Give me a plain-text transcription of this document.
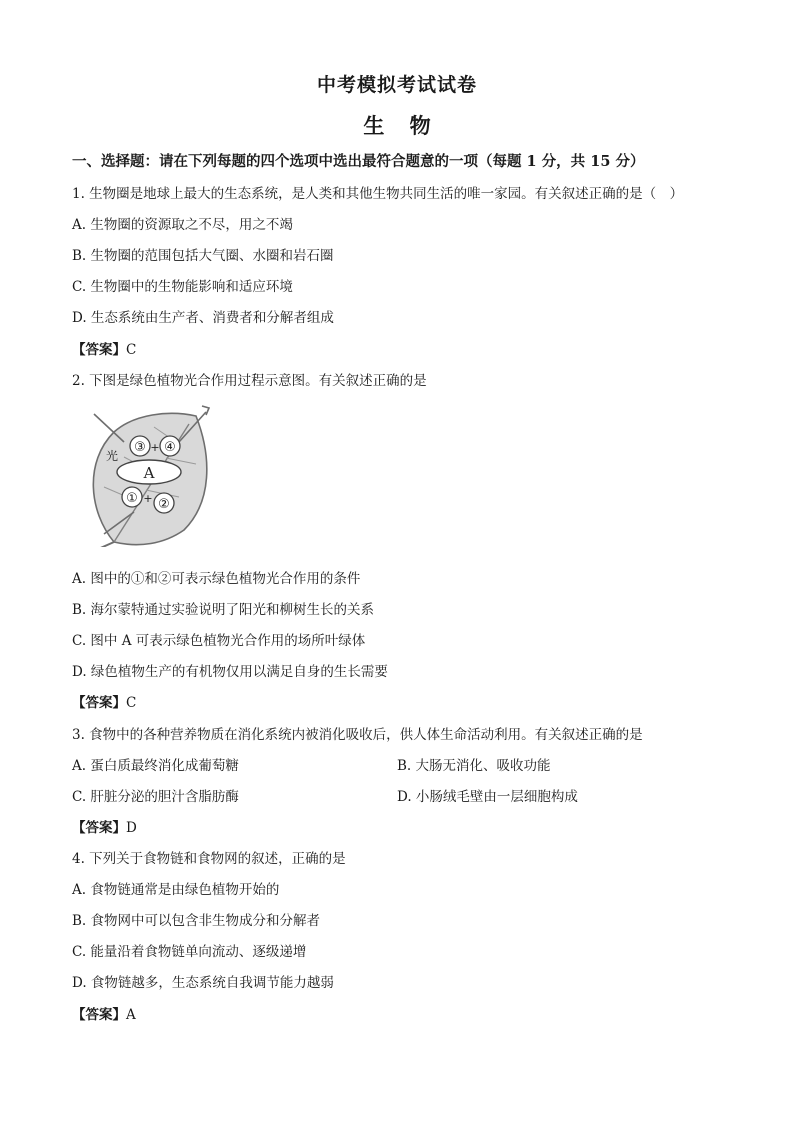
中考模拟考试试卷
生 物
一、选择题：请在下列每题的四个选项中选出最符合题意的一项（每题 1 分，共 15 分）
1. 生物圈是地球上最大的生态系统，是人类和其他生物共同生活的唯一家园。有关叙述正确的是（　）
A. 生物圈的资源取之不尽，用之不竭
B. 生物圈的范围包括大气圈、水圈和岩石圈
C. 生物圈中的生物能影响和适应环境
D. 生态系统由生产者、消费者和分解者组成
【答案】C
2. 下图是绿色植物光合作用过程示意图。有关叙述正确的是
光
③ + ④
A
① + ②
A. 图中的①和②可表示绿色植物光合作用的条件
B. 海尔蒙特通过实验说明了阳光和柳树生长的关系
C. 图中 A 可表示绿色植物光合作用的场所叶绿体
D. 绿色植物生产的有机物仅用以满足自身的生长需要
【答案】C
3. 食物中的各种营养物质在消化系统内被消化吸收后，供人体生命活动利用。有关叙述正确的是
A. 蛋白质最终消化成葡萄糖	B. 大肠无消化、吸收功能
C. 肝脏分泌的胆汁含脂肪酶	D. 小肠绒毛壁由一层细胞构成
【答案】D
4. 下列关于食物链和食物网的叙述，正确的是
A. 食物链通常是由绿色植物开始的
B. 食物网中可以包含非生物成分和分解者
C. 能量沿着食物链单向流动、逐级递增
D. 食物链越多，生态系统自我调节能力越弱
【答案】A
